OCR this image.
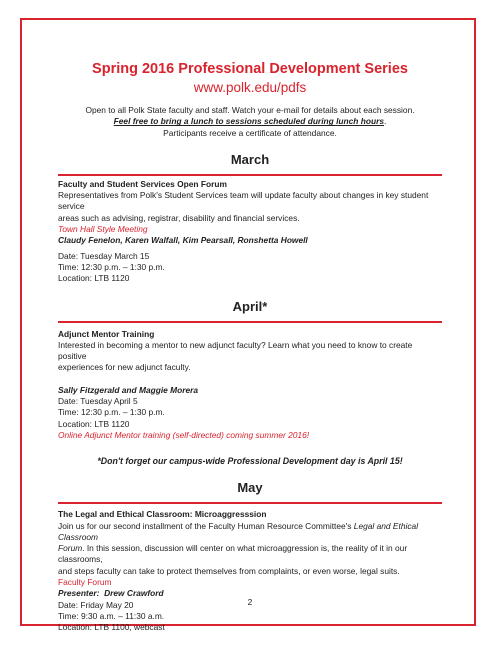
Spring 2016 Professional Development Series
www.polk.edu/pdfs
Open to all Polk State faculty and staff. Watch your e-mail for details about each session.
Feel free to bring a lunch to sessions scheduled during lunch hours.
Participants receive a certificate of attendance.
March
Faculty and Student Services Open Forum
Representatives from Polk's Student Services team will update faculty about changes in key student service
areas such as advising, registrar, disability and financial services.
Town Hall Style Meeting
Claudy Fenelon, Karen Walfall, Kim Pearsall, Ronshetta Howell
Date: Tuesday March 15
Time: 12:30 p.m. – 1:30 p.m.
Location: LTB 1120
April*
Adjunct Mentor Training
Interested in becoming a mentor to new adjunct faculty? Learn what you need to know to create positive
experiences for new adjunct faculty.
Sally Fitzgerald and Maggie Morera
Date: Tuesday April 5
Time: 12:30 p.m. – 1:30 p.m.
Location: LTB 1120
Online Adjunct Mentor training (self-directed) coming summer 2016!
*Don't forget our campus-wide Professional Development day is April 15!
May
The Legal and Ethical Classroom: Microaggresssion
Join us for our second installment of the Faculty Human Resource Committee's Legal and Ethical Classroom
Forum. In this session, discussion will center on what microaggression is, the reality of it in our classrooms,
and steps faculty can take to protect themselves from complaints, or even worse, legal suits.
Faculty Forum
Presenter: Drew Crawford
Date: Friday May 20
Time: 9:30 a.m. – 11:30 a.m.
Location: LTB 1100, webcast
2
